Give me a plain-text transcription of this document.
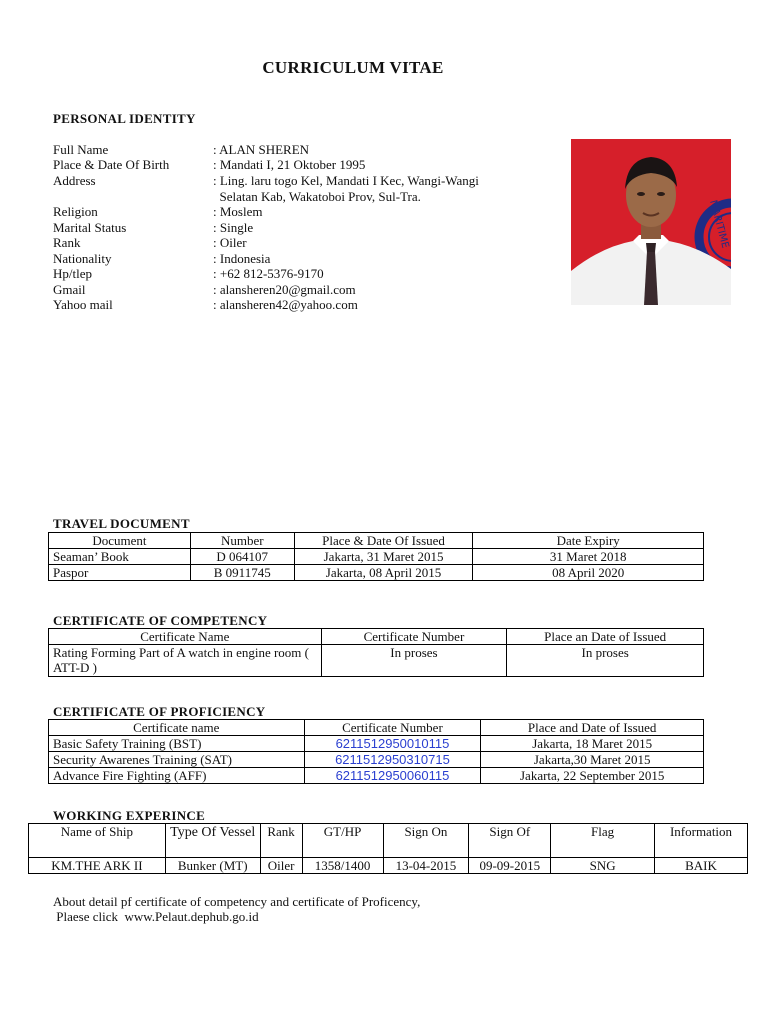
CURRICULUM VITAE
PERSONAL IDENTITY
Full Name	: ALAN SHEREN
Place & Date Of Birth	: Mandati I, 21 Oktober 1995
Address	: Ling. laru togo Kel, Mandati I Kec, Wangi-Wangi
Selatan Kab, Wakatoboi Prov, Sul-Tra.
Religion	: Moslem
Marital Status	: Single
Rank	: Oiler
Nationality	: Indonesia
Hp/tlep	: +62 812-5376-9170
Gmail	: alansheren20@gmail.com
Yahoo mail	: alansheren42@yahoo.com
MARITIME
TRAVEL DOCUMENT
Document	Number	Place & Date Of Issued	Date Expiry
Seaman’ Book	D 064107	Jakarta, 31 Maret 2015	31 Maret 2018
Paspor	B 0911745	Jakarta, 08 April 2015	08 April 2020
CERTIFICATE OF COMPETENCY
Certificate Name	Certificate Number	Place an Date of Issued
Rating Forming Part of A watch in engine room ( ATT-D )	In proses	In proses
CERTIFICATE OF PROFICIENCY
Certificate name	Certificate Number	Place and Date of Issued
Basic Safety Training (BST)	6211512950010115	Jakarta, 18 Maret 2015
Security Awarenes Training (SAT)	6211512950310715	Jakarta,30 Maret 2015
Advance Fire Fighting (AFF)	6211512950060115	Jakarta, 22 September 2015
WORKING EXPERINCE
Name of Ship	Type Of Vessel	Rank	GT/HP	Sign On	Sign Of	Flag	Information
KM.THE ARK II	Bunker (MT)	Oiler	1358/1400	13-04-2015	09-09-2015	SNG	BAIK
About detail pf certificate of competency and certificate of Proficency,
Plaese click  www.Pelaut.dephub.go.id
